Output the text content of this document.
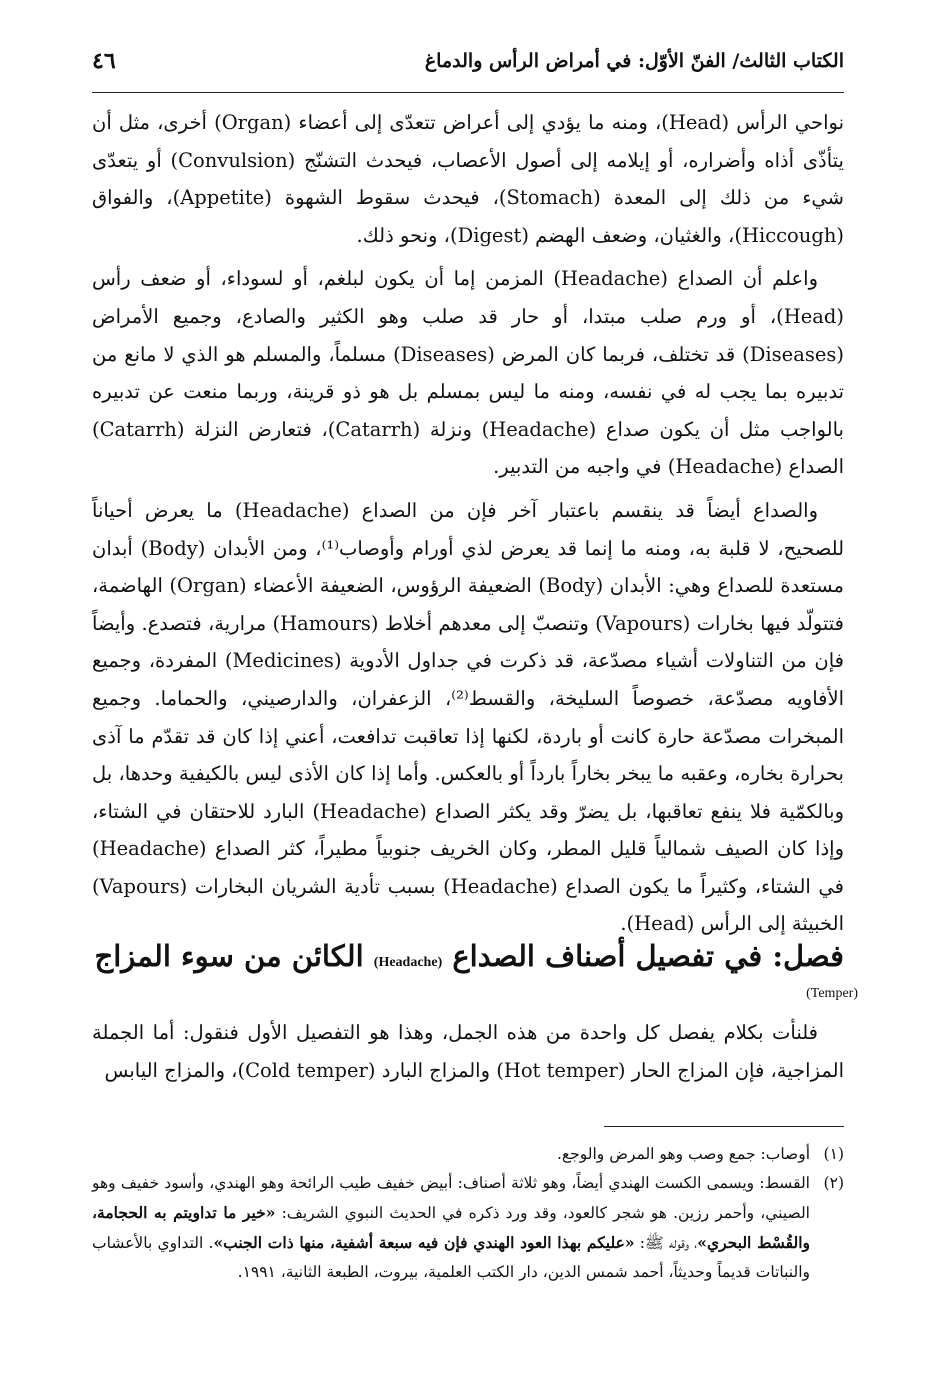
الكتاب الثالث/ الفنّ الأوّل: في أمراض الرأس والدماغ
٤٦

نواحي الرأس (Head)، ومنه ما يؤدي إلى أعراض تتعدّى إلى أعضاء (Organ) أخرى، مثل أن يتأذّى أذاه وأضراره، أو إيلامه إلى أصول الأعصاب، فيحدث التشنّج (Convulsion) أو يتعدّى شيء من ذلك إلى المعدة (Stomach)، فيحدث سقوط الشهوة (Appetite)، والفواق (Hiccough)، والغثيان، وضعف الهضم (Digest)، ونحو ذلك.

واعلم أن الصداع (Headache) المزمن إما أن يكون لبلغم، أو لسوداء، أو ضعف رأس (Head)، أو ورم صلب مبتدا، أو حار قد صلب وهو الكثير والصادع، وجميع الأمراض (Diseases) قد تختلف، فربما كان المرض (Diseases) مسلماً، والمسلم هو الذي لا مانع من تدبيره بما يجب له في نفسه، ومنه ما ليس بمسلم بل هو ذو قرينة، وربما منعت عن تدبيره بالواجب مثل أن يكون صداع (Headache) ونزلة (Catarrh)، فتعارض النزلة (Catarrh) الصداع (Headache) في واجبه من التدبير.

والصداع أيضاً قد ينقسم باعتبار آخر فإن من الصداع (Headache) ما يعرض أحياناً للصحيح، لا قلبة به، ومنه ما إنما قد يعرض لذي أورام وأوصاب⁽¹⁾، ومن الأبدان (Body) أبدان مستعدة للصداع وهي: الأبدان (Body) الضعيفة الرؤوس، الضعيفة الأعضاء (Organ) الهاضمة، فتتولّد فيها بخارات (Vapours) وتنصبّ إلى معدهم أخلاط (Hamours) مرارية، فتصدع. وأيضاً فإن من التناولات أشياء مصدّعة، قد ذكرت في جداول الأدوية (Medicines) المفردة، وجميع الأفاويه مصدّعة، خصوصاً السليخة، والقسط⁽²⁾، الزعفران، والدارصيني، والحماما. وجميع المبخرات مصدّعة حارة كانت أو باردة، لكنها إذا تعاقبت تدافعت، أعني إذا كان قد تقدّم ما آذى بحرارة بخاره، وعقبه ما يبخر بخاراً بارداً أو بالعكس. وأما إذا كان الأذى ليس بالكيفية وحدها، بل وبالكمّية فلا ينفع تعاقبها، بل يضرّ وقد يكثر الصداع (Headache) البارد للاحتقان في الشتاء، وإذا كان الصيف شمالياً قليل المطر، وكان الخريف جنوبياً مطيراً، كثر الصداع (Headache) في الشتاء، وكثيراً ما يكون الصداع (Headache) بسبب تأدية الشريان البخارات (Vapours) الخبيثة إلى الرأس (Head).

فصل: في تفصيل أصناف الصداع (Headache) الكائن من سوء المزاج
(Temper)

فلنأت بكلام يفصل كل واحدة من هذه الجمل، وهذا هو التفصيل الأول فنقول: أما الجملة المزاجية، فإن المزاج الحار (Hot temper) والمزاج البارد (Cold temper)، والمزاج اليابس

(١)
أوصاب: جمع وصب وهو المرض والوجع.
(٢)
القسط: ويسمى الكست الهندي أيضاً، وهو ثلاثة أصناف: أبيض خفيف طيب الرائحة وهو الهندي، وأسود خفيف وهو الصيني، وأحمر رزين. هو شجر كالعود، وقد ورد ذكره في الحديث النبوي الشريف: «خير ما تداويتم به الحجامة، والقُسْط البحري»، وقوله ﷺ: «عليكم بهذا العود الهندي فإن فيه سبعة أشفية، منها ذات الجنب». التداوي بالأعشاب والنباتات قديماً وحديثاً، أحمد شمس الدين، دار الكتب العلمية، بيروت، الطبعة الثانية، ١٩٩١.
